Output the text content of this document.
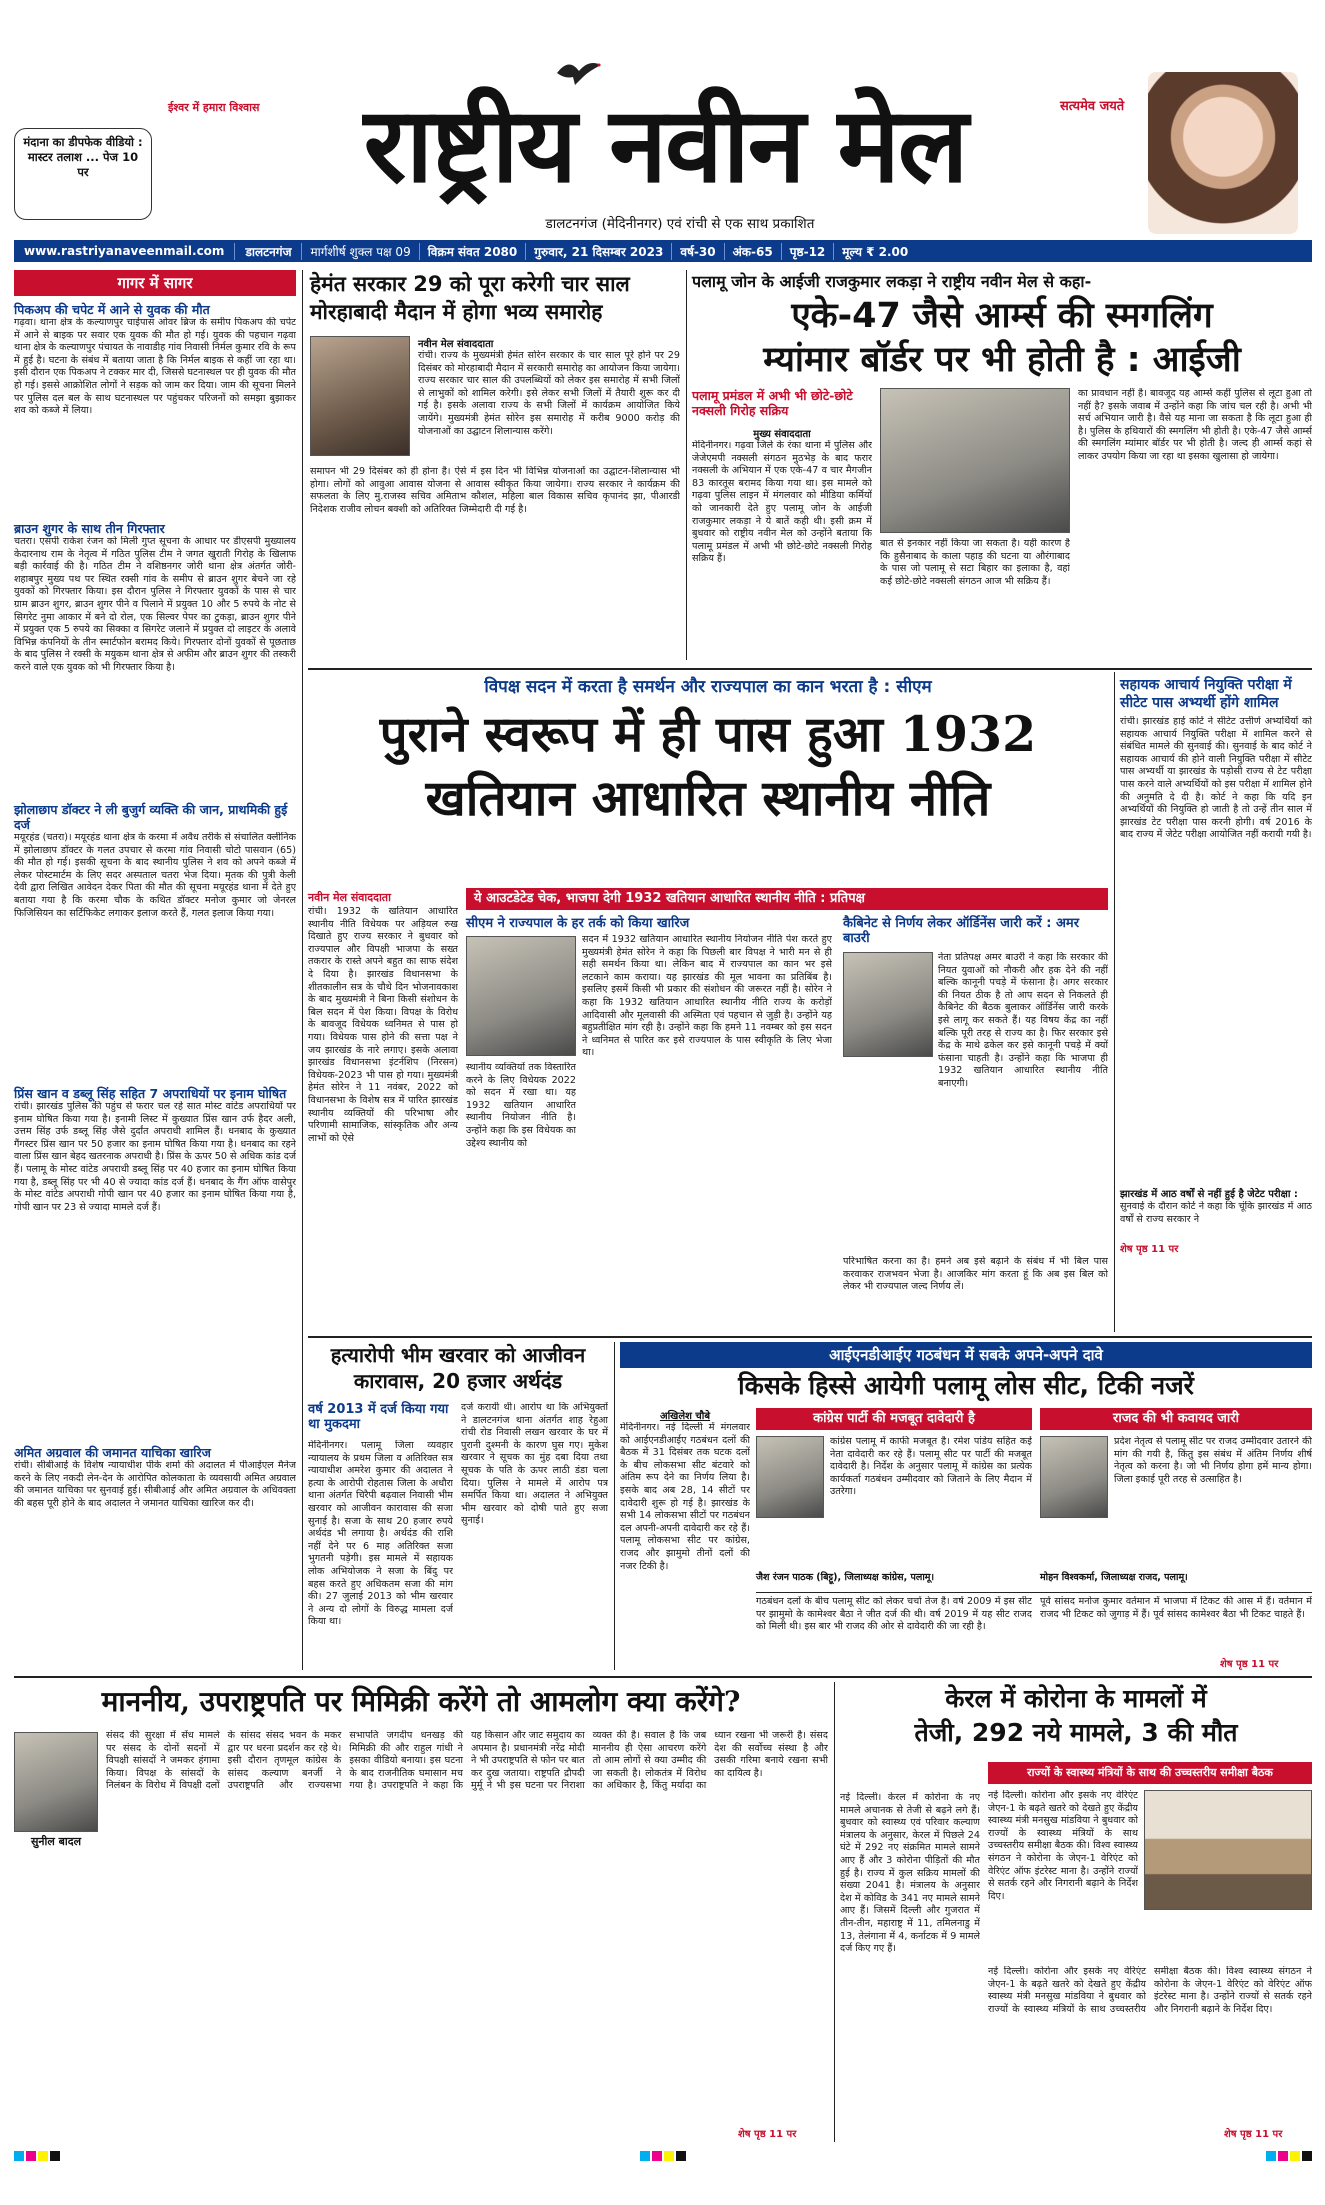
ईश्वर में हमारा विश्वास	सत्यमेव जयते
मंदाना का डीपफेक वीडियो : मास्टर तलाश ... पेज 10 पर	राष्ट्रीय नवीन मेल
डालटनगंज (मेदिनीनगर) एवं रांची से एक साथ प्रकाशित
www.rastriyanaveenmail.com	डालटनगंज	मार्गशीर्ष शुक्ल पक्ष 09	विक्रम संवत 2080	गुरुवार, 21 दिसम्बर 2023	वर्ष-30	अंक-65	पृष्ठ-12	मूल्य ₹ 2.00
गागर में सागर
पिकअप की चपेट में आने से युवक की मौत
गढ़वा। थाना क्षेत्र के कल्याणपुर चाईपास ओवर ब्रिज के समीप पिकअप की चपेट में आने से बाइक पर सवार एक युवक की मौत हो गई। युवक की पहचान गढ़वा थाना क्षेत्र के कल्याणपुर पंचायत के नावाडीह गांव निवासी निर्मल कुमार रवि के रूप में हुई है। घटना के संबंध में बताया जाता है कि निर्मल बाइक से कहीं जा रहा था। इसी दौरान एक पिकअप ने टक्कर मार दी, जिससे घटनास्थल पर ही युवक की मौत हो गई। इससे आक्रोशित लोगों ने सड़क को जाम कर दिया। जाम की सूचना मिलने पर पुलिस दल बल के साथ घटनास्थल पर पहुंचकर परिजनों को समझा बुझाकर शव को कब्जे में लिया।
ब्राउन शुगर के साथ तीन गिरफ्तार
चतरा। एसपी राकेश रंजन को मिली गुप्त सूचना के आधार पर डीएसपी मुख्यालय केदारनाथ राम के नेतृत्व में गठित पुलिस टीम ने जगत खुराती गिरोह के खिलाफ बड़ी कार्रवाई की है। गठित टीम ने वशिष्ठनगर जोरी थाना क्षेत्र अंतर्गत जोरी-शहाबपुर मुख्य पथ पर स्थित रक्सी गांव के समीप से ब्राउन शुगर बेचने जा रहे युवकों को गिरफ्तार किया। इस दौरान पुलिस ने गिरफ्तार युवकों के पास से चार ग्राम ब्राउन शुगर, ब्राउन शुगर पीने व पिलाने में प्रयुक्त 10 और 5 रुपये के नोट से सिगरेट नुमा आकार में बने दो रोल, एक सिल्वर पेपर का टुकड़ा, ब्राउन शुगर पीने में प्रयुक्त एक 5 रुपये का सिक्का व सिगरेट जलाने में प्रयुक्त दो लाइटर के अलावे विभिन्न कंपनियों के तीन स्मार्टफोन बरामद किये। गिरफ्तार दोनों युवकों से पूछताछ के बाद पुलिस ने रक्सी के मयुकम थाना क्षेत्र से अफीम और ब्राउन शुगर की तस्करी करने वाले एक युवक को भी गिरफ्तार किया है।
झोलाछाप डॉक्टर ने ली बुजुर्ग व्यक्ति की जान, प्राथमिकी हुई दर्ज
मयूरहंड (चतरा)। मयूरहंड थाना क्षेत्र के करमा में अवैध तरीके से संचालित क्लीनिक में झोलाछाप डॉक्टर के गलत उपचार से करमा गांव निवासी चोटो पासवान (65) की मौत हो गई। इसकी सूचना के बाद स्थानीय पुलिस ने शव को अपने कब्जे में लेकर पोस्टमार्टम के लिए सदर अस्पताल चतरा भेज दिया। मृतक की पुत्री केली देवी द्वारा लिखित आवेदन देकर पिता की मौत की सूचना मयूरहंड थाना में देते हुए बताया गया है कि करमा चौक के कथित डॉक्टर मनोज कुमार जो जेनरल फिजिसियन का सर्टिफिकेट लगाकर इलाज करते हैं, गलत इलाज किया गया।
प्रिंस खान व डब्लू सिंह सहित 7 अपराधियों पर इनाम घोषित
रांची। झारखंड पुलिस की पहुंच से फरार चल रहे सात मोस्ट वांटेड अपराधियों पर इनाम घोषित किया गया है। इनामी लिस्ट में कुख्यात प्रिंस खान उर्फ हैदर अली, उत्तम सिंह उर्फ डब्लू सिंह जैसे दुर्दांत अपराधी शामिल हैं। धनबाद के कुख्यात गैंगस्टर प्रिंस खान पर 50 हजार का इनाम घोषित किया गया है। धनबाद का रहने वाला प्रिंस खान बेहद खतरनाक अपराधी है। प्रिंस के ऊपर 50 से अधिक कांड दर्ज हैं। पलामू के मोस्ट वांटेड अपराधी डब्लू सिंह पर 40 हजार का इनाम घोषित किया गया है, डब्लू सिंह पर भी 40 से ज्यादा कांड दर्ज हैं। धनबाद के गैंग ऑफ वासेपुर के मोस्ट वांटेड अपराधी गोपी खान पर 40 हजार का इनाम घोषित किया गया है, गोपी खान पर 23 से ज्यादा मामले दर्ज हैं।
अमित अग्रवाल की जमानत याचिका खारिज
रांची। सीबीआई के विशेष न्यायाधीश पीके शर्मा की अदालत में पीआईएल मैनेज करने के लिए नकदी लेन-देन के आरोपित कोलकाता के व्यवसायी अमित अग्रवाल की जमानत याचिका पर सुनवाई हुई। सीबीआई और अमित अग्रवाल के अधिवक्ता की बहस पूरी होने के बाद अदालत ने जमानत याचिका खारिज कर दी।
हेमंत सरकार 29 को पूरा करेगी चार साल
मोरहाबादी मैदान में होगा भव्य समारोह
नवीन मेल संवाददाता
रांची। राज्य के मुख्यमंत्री हेमंत सोरेन सरकार के चार साल पूरे होने पर 29 दिसंबर को मोरहाबादी मैदान में सरकारी समारोह का आयोजन किया जायेगा। राज्य सरकार चार साल की उपलब्धियों को लेकर इस समारोह में सभी जिलों से लाभुकों को शामिल करेगी। इसे लेकर सभी जिलों में तैयारी शुरू कर दी गई है। इसके अलावा राज्य के सभी जिलों में कार्यक्रम आयोजित किये जायेंगे। मुख्यमंत्री हेमंत सोरेन इस समारोह में करीब 9000 करोड़ की योजनाओं का उद्घाटन शिलान्यास करेंगे।
समापन भी 29 दिसंबर को ही होना है। ऐसे में इस दिन भी विभिन्न योजनाओं का उद्घाटन-शिलान्यास भी होगा। लोगों को आवुआ आवास योजना से आवास स्वीकृत किया जायेगा। राज्य सरकार ने कार्यक्रम की सफलता के लिए मु.राजस्व सचिव अमिताभ कौशल, महिला बाल विकास सचिव कृपानंद झा, पीआरडी निदेशक राजीव लोचन बक्शी को अतिरिक्त जिम्मेदारी दी गई है।
पलामू जोन के आईजी राजकुमार लकड़ा ने राष्ट्रीय नवीन मेल से कहा-
एके-47 जैसे आर्म्स की स्मगलिंग
म्यांमार बॉर्डर पर भी होती है : आईजी
पलामू प्रमंडल में अभी भी छोटे-छोटे नक्सली गिरोह सक्रिय
मुख्य संवाददाता
मेदिनीनगर। गढ़वा जिले के रंका थाना में पुलिस और जेजेएमपी नक्सली संगठन मुठभेड़ के बाद फरार नक्सली के अभियान में एक एके-47 व चार मैगजीन 83 कारतूस बरामद किया गया था। इस मामले को गढ़वा पुलिस लाइन में मंगलवार को मीडिया कर्मियों को जानकारी देते हुए पलामू जोन के आईजी राजकुमार लकड़ा ने ये बातें कही थी। इसी क्रम में बुधवार को राष्ट्रीय नवीन मेल को उन्होंने बताया कि पलामू प्रमंडल में अभी भी छोटे-छोटे नक्सली गिरोह सक्रिय हैं।
बात से इनकार नहीं किया जा सकता है। यही कारण है कि हुसैनाबाद के काला पहाड़ की घटना या औरंगाबाद के पास जो पलामू से सटा बिहार का इलाका है, वहां कई छोटे-छोटे नक्सली संगठन आज भी सक्रिय हैं।
का प्रावधान नहीं है। बावजूद यह आर्म्स कहीं पुलिस से लूटा हुआ तो नहीं है? इसके जवाब में उन्होंने कहा कि जांच चल रही है। अभी भी सर्च अभियान जारी है। वैसे यह माना जा सकता है कि लूटा हुआ ही है। पुलिस के हथियारों की स्मगलिंग भी होती है। एके-47 जैसे आर्म्स की स्मगलिंग म्यांमार बॉर्डर पर भी होती है। जल्द ही आर्म्स कहां से लाकर उपयोग किया जा रहा था इसका खुलासा हो जायेगा।
विपक्ष सदन में करता है समर्थन और राज्यपाल का कान भरता है : सीएम
पुराने स्वरूप में ही पास हुआ 1932
खतियान आधारित स्थानीय नीति
नवीन मेल संवाददाता
रांची। 1932 के खतियान आधारित स्थानीय नीति विधेयक पर अड़ियल रुख दिखाते हुए राज्य सरकार ने बुधवार को राज्यपाल और विपक्षी भाजपा के सख्त तकरार के रास्ते अपने बहुत का साफ संदेश दे दिया है। झारखंड विधानसभा के शीतकालीन सत्र के चौथे दिन भोजनावकाश के बाद मुख्यमंत्री ने बिना किसी संशोधन के बिल सदन में पेश किया। विपक्ष के विरोध के बावजूद विधेयक ध्वनिमत से पास हो गया। विधेयक पास होने की सत्ता पक्ष ने जय झारखंड के नारे लगाए। इसके अलावा झारखंड विधानसभा इंटर्नशिप (निरसन) विधेयक-2023 भी पास हो गया। मुख्यमंत्री हेमंत सोरेन ने 11 नवंबर, 2022 को विधानसभा के विशेष सत्र में पारित झारखंड स्थानीय व्यक्तियों की परिभाषा और परिणामी सामाजिक, सांस्कृतिक और अन्य लाभों को ऐसे
ये आउटडेटेड चेक, भाजपा देगी 1932 खतियान आधारित स्थानीय नीति : प्रतिपक्ष
सीएम ने राज्यपाल के हर तर्क को किया खारिज
सदन में 1932 खतियान आधारित स्थानीय नियोजन नीति पेश करते हुए मुख्यमंत्री हेमंत सोरेन ने कहा कि पिछली बार विपक्ष ने भारी मन से ही सही समर्थन किया था। लेकिन बाद में राज्यपाल का कान भर इसे लटकाने काम कराया। यह झारखंड की मूल भावना का प्रतिबिंब है। इसलिए इसमें किसी भी प्रकार की संशोधन की जरूरत नहीं है। सोरेन ने कहा कि 1932 खतियान आधारित स्थानीय नीति राज्य के करोड़ों आदिवासी और मूलवासी की अस्मिता एवं पहचान से जुड़ी है। उन्होंने यह बहुप्रतीक्षित मांग रही है। उन्होंने कहा कि हमने 11 नवम्बर को इस सदन ने ध्वनिमत से पारित कर इसे राज्यपाल के पास स्वीकृति के लिए भेजा था।
स्थानीय व्यक्तियों तक विस्तारित करने के लिए विधेयक 2022 को सदन में रखा था। यह 1932 खतियान आधारित स्थानीय नियोजन नीति है। उन्होंने कहा कि इस विधेयक का उद्देश्य स्थानीय को
कैबिनेट से निर्णय लेकर ऑर्डिनेंस जारी करें : अमर बाउरी
नेता प्रतिपक्ष अमर बाउरी ने कहा कि सरकार की नियत युवाओं को नौकरी और हक देने की नहीं बल्कि कानूनी पचड़े में फंसाना है। अगर सरकार की नियत ठीक है तो आप सदन से निकलते ही कैबिनेट की बैठक बुलाकर ऑर्डिनेंस जारी करके इसे लागू कर सकते हैं। यह विषय केंद्र का नहीं बल्कि पूरी तरह से राज्य का है। फिर सरकार इसे केंद्र के माथे ढकेल कर इसे कानूनी पचड़े में क्यों फंसाना चाहती है। उन्होंने कहा कि भाजपा ही 1932 खतियान आधारित स्थानीय नीति बनाएगी।
परिभाषित करना का है। हमने अब इसे बढ़ाने के संबंध में भी बिल पास करवाकर राजभवन भेजा है। आजकिर मांग करता हूं कि अब इस बिल को लेकर भी राज्यपाल जल्द निर्णय लें।
सहायक आचार्य नियुक्ति परीक्षा में सीटेट पास अभ्यर्थी होंगे शामिल
रांची। झारखंड हाई कोर्ट ने सीटेट उत्तीर्ण अभ्यर्थियों को सहायक आचार्य नियुक्ति परीक्षा में शामिल करने से संबंधित मामले की सुनवाई की। सुनवाई के बाद कोर्ट ने सहायक आचार्य की होने वाली नियुक्ति परीक्षा में सीटेट पास अभ्यर्थी या झारखंड के पड़ोसी राज्य से टेट परीक्षा पास करने वाले अभ्यर्थियों को इस परीक्षा में शामिल होने की अनुमति दे दी है। कोर्ट ने कहा कि यदि इन अभ्यर्थियों की नियुक्ति हो जाती है तो उन्हें तीन साल में झारखंड टेट परीक्षा पास करनी होगी। वर्ष 2016 के बाद राज्य में जेटेट परीक्षा आयोजित नहीं करायी गयी है।
झारखंड में आठ वर्षों से नहीं हुई है जेटेट परीक्षा :
सुनवाई के दौरान कोर्ट ने कहा कि चूंकि झारखंड में आठ वर्षों से राज्य सरकार ने
शेष पृष्ठ 11 पर
हत्यारोपी भीम खरवार को आजीवन
कारावास, 20 हजार अर्थदंड
वर्ष 2013 में दर्ज किया गया था मुकदमा
मेदिनीनगर। पलामू जिला व्यवहार न्यायालय के प्रथम जिला व अतिरिक्त सत्र न्यायाधीश अमरेश कुमार की अदालत ने हत्या के आरोपी रोहतास जिला के अधौरा थाना अंतर्गत चिरैपी बढ़वाल निवासी भीम खरवार को आजीवन कारावास की सजा सुनाई है। सजा के साथ 20 हजार रुपये अर्थदंड भी लगाया है। अर्थदंड की राशि नहीं देने पर 6 माह अतिरिक्त सजा भुगतनी पड़ेगी। इस मामले में सहायक लोक अभियोजक ने सजा के बिंदु पर बहस करते हुए अधिकतम सजा की मांग की। 27 जुलाई 2013 को भीम खरवार ने अन्य दो लोगों के विरुद्ध मामला दर्ज किया था।
दर्ज करायी थी। आरोप था कि अभियुक्तों ने डालटनगंज थाना अंतर्गत शाह रेहुआ रांची रोड निवासी लखन खरवार के घर में पुरानी दुश्मनी के कारण घुस गए। मुकेश खरवार ने सूचक का मुंह दबा दिया तथा सूचक के पति के ऊपर लाठी डंडा चला दिया। पुलिस ने मामले में आरोप पत्र समर्पित किया था। अदालत ने अभियुक्त भीम खरवार को दोषी पाते हुए सजा सुनाई।
आईएनडीआईए गठबंधन में सबके अपने-अपने दावे
किसके हिस्से आयेगी पलामू लोस सीट, टिकी नजरें
अखिलेश चौबे
मेदिनीनगर। नई दिल्ली में मंगलवार को आईएनडीआईए गठबंधन दलों की बैठक में 31 दिसंबर तक घटक दलों के बीच लोकसभा सीट बंटवारे को अंतिम रूप देने का निर्णय लिया है। इसके बाद अब 28, 14 सीटों पर दावेदारी शुरू हो गई है। झारखंड के सभी 14 लोकसभा सीटों पर गठबंधन दल अपनी-अपनी दावेदारी कर रहे हैं। पलामू लोकसभा सीट पर कांग्रेस, राजद और झामुमो तीनों दलों की नजर टिकी है।
कांग्रेस पार्टी की मजबूत दावेदारी है
कांग्रेस पलामू में काफी मजबूत है। रमेश पांडेय सहित कई नेता दावेदारी कर रहे हैं। पलामू सीट पर पार्टी की मजबूत दावेदारी है। निर्देश के अनुसार पलामू में कांग्रेस का प्रत्येक कार्यकर्ता गठबंधन उम्मीदवार को जिताने के लिए मैदान में उतरेगा।
जैश रंजन पाठक (बिट्टू), जिलाध्यक्ष कांग्रेस, पलामू।
राजद की भी कवायद जारी
प्रदेश नेतृत्व से पलामू सीट पर राजद उम्मीदवार उतारने की मांग की गयी है, किंतु इस संबंध में अंतिम निर्णय शीर्ष नेतृत्व को करना है। जो भी निर्णय होगा हमें मान्य होगा। जिला इकाई पूरी तरह से उत्साहित है।
मोहन विश्वकर्मा, जिलाध्यक्ष राजद, पलामू।
गठबंधन दलों के बीच पलामू सीट को लेकर चर्चा तेज है। वर्ष 2009 में इस सीट पर झामुमो के कामेश्वर बैठा ने जीत दर्ज की थी। वर्ष 2019 में यह सीट राजद को मिली थी। इस बार भी राजद की ओर से दावेदारी की जा रही है।
पूर्व सांसद मनोज कुमार वर्तमान में भाजपा में टिकट की आस में हैं। वर्तमान में राजद भी टिकट को जुगाड़ में हैं। पूर्व सांसद कामेश्वर बैठा भी टिकट चाहते हैं।
शेष पृष्ठ 11 पर
माननीय, उपराष्ट्रपति पर मिमिक्री करेंगे तो आमलोग क्या करेंगे?
सुनील बादल
संसद की सुरक्षा में सेंध मामले पर संसद के दोनों सदनों में विपक्षी सांसदों ने जमकर हंगामा किया। विपक्ष के सांसदों के निलंबन के विरोध में विपक्षी दलों के सांसद संसद भवन के मकर द्वार पर धरना प्रदर्शन कर रहे थे। इसी दौरान तृणमूल कांग्रेस के सांसद कल्याण बनर्जी ने उपराष्ट्रपति और राज्यसभा सभापति जगदीप धनखड़ की मिमिक्री की और राहुल गांधी ने इसका वीडियो बनाया। इस घटना के बाद राजनीतिक घमासान मच गया है। उपराष्ट्रपति ने कहा कि यह किसान और जाट समुदाय का अपमान है। प्रधानमंत्री नरेंद्र मोदी ने भी उपराष्ट्रपति से फोन पर बात कर दुख जताया। राष्ट्रपति द्रौपदी मुर्मू ने भी इस घटना पर निराशा व्यक्त की है। सवाल है कि जब माननीय ही ऐसा आचरण करेंगे तो आम लोगों से क्या उम्मीद की जा सकती है। लोकतंत्र में विरोध का अधिकार है, किंतु मर्यादा का ध्यान रखना भी जरूरी है। संसद देश की सर्वोच्च संस्था है और उसकी गरिमा बनाये रखना सभी का दायित्व है।
शेष पृष्ठ 11 पर
केरल में कोरोना के मामलों में
तेजी, 292 नये मामले, 3 की मौत
नई दिल्ली। केरल में कोरोना के नए मामले अचानक से तेजी से बढ़ने लगे हैं। बुधवार को स्वास्थ्य एवं परिवार कल्याण मंत्रालय के अनुसार, केरल में पिछले 24 घंटे में 292 नए संक्रमित मामले सामने आए हैं और 3 कोरोना पीड़ितों की मौत हुई है। राज्य में कुल सक्रिय मामलों की संख्या 2041 है। मंत्रालय के अनुसार देश में कोविड के 341 नए मामले सामने आए हैं। जिसमें दिल्ली और गुजरात में तीन-तीन, महाराष्ट्र में 11, तमिलनाडु में 13, तेलंगाना में 4, कर्नाटक में 9 मामले दर्ज किए गए हैं।
राज्यों के स्वास्थ्य मंत्रियों के साथ की उच्चस्तरीय समीक्षा बैठक
नई दिल्ली। कोरोना और इसके नए वेरिएंट जेएन-1 के बढ़ते खतरे को देखते हुए केंद्रीय स्वास्थ्य मंत्री मनसुख मांडविया ने बुधवार को राज्यों के स्वास्थ्य मंत्रियों के साथ उच्चस्तरीय समीक्षा बैठक की। विश्व स्वास्थ्य संगठन ने कोरोना के जेएन-1 वेरिएंट को वेरिएंट ऑफ इंटरेस्ट माना है। उन्होंने राज्यों से सतर्क रहने और निगरानी बढ़ाने के निर्देश दिए।
नई दिल्ली। कोरोना और इसके नए वेरिएंट जेएन-1 के बढ़ते खतरे को देखते हुए केंद्रीय स्वास्थ्य मंत्री मनसुख मांडविया ने बुधवार को राज्यों के स्वास्थ्य मंत्रियों के साथ उच्चस्तरीय समीक्षा बैठक की। विश्व स्वास्थ्य संगठन ने कोरोना के जेएन-1 वेरिएंट को वेरिएंट ऑफ इंटरेस्ट माना है। उन्होंने राज्यों से सतर्क रहने और निगरानी बढ़ाने के निर्देश दिए।
शेष पृष्ठ 11 पर
